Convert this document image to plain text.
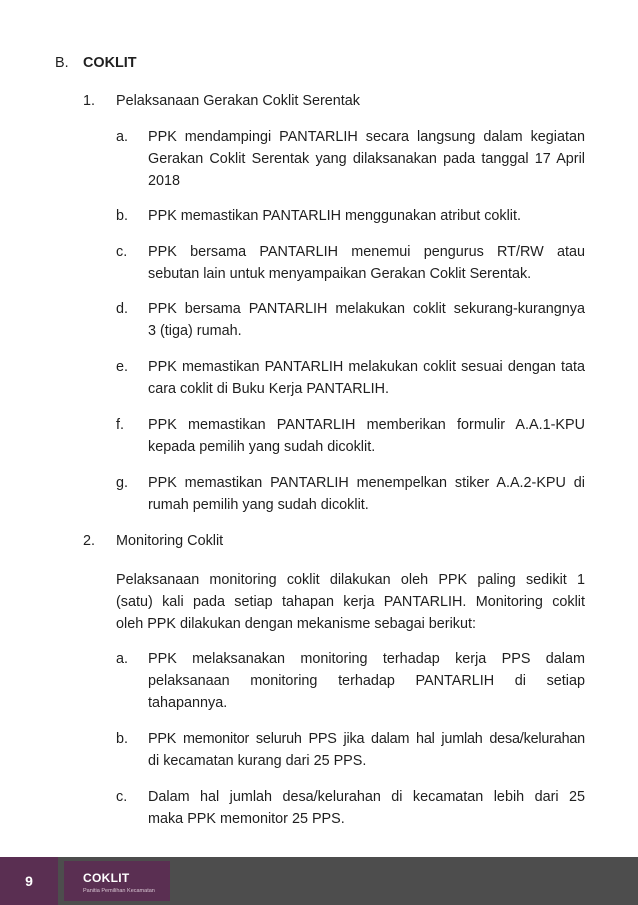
B. COKLIT
1. Pelaksanaan Gerakan Coklit Serentak
a. PPK mendampingi PANTARLIH secara langsung dalam kegiatan
Gerakan Coklit Serentak yang dilaksanakan pada tanggal 17 April
2018
b. PPK memastikan PANTARLIH menggunakan atribut coklit.
c. PPK bersama PANTARLIH menemui pengurus RT/RW atau
sebutan lain untuk menyampaikan Gerakan Coklit Serentak.
d. PPK bersama PANTARLIH melakukan coklit sekurang-kurangnya
3 (tiga) rumah.
e. PPK memastikan PANTARLIH melakukan coklit sesuai dengan tata
cara coklit di Buku Kerja PANTARLIH.
f. PPK memastikan PANTARLIH memberikan formulir A.A.1-KPU
kepada pemilih yang sudah dicoklit.
g. PPK memastikan PANTARLIH menempelkan stiker A.A.2-KPU di
rumah pemilih yang sudah dicoklit.
2. Monitoring Coklit
Pelaksanaan monitoring coklit dilakukan oleh PPK paling sedikit 1
(satu) kali pada setiap tahapan kerja PANTARLIH. Monitoring coklit
oleh PPK dilakukan dengan mekanisme sebagai berikut:
a. PPK melaksanakan monitoring terhadap kerja PPS dalam
pelaksanaan monitoring terhadap PANTARLIH di setiap
tahapannya.
b. PPK memonitor seluruh PPS jika dalam hal jumlah desa/kelurahan
di kecamatan kurang dari 25 PPS.
c. Dalam hal jumlah desa/kelurahan di kecamatan lebih dari 25
maka PPK memonitor 25 PPS.
9	COKLIT
Panitia Pemilihan Kecamatan
